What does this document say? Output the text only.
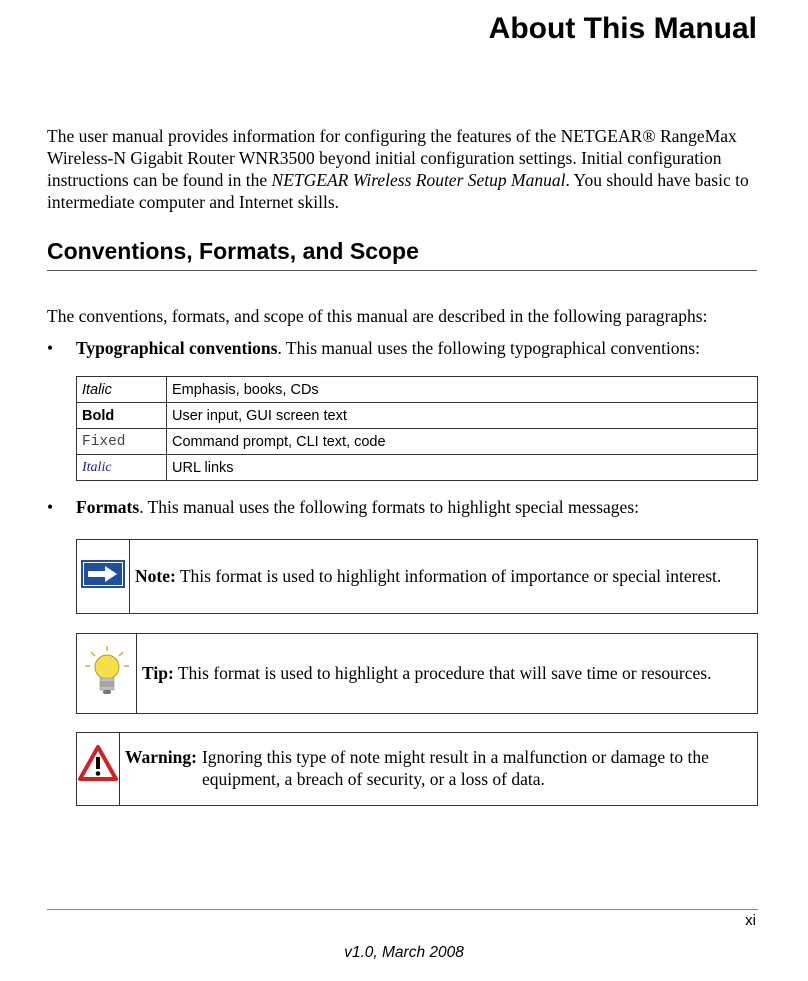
About This Manual
The user manual provides information for configuring the features of the NETGEAR® RangeMax Wireless-N Gigabit Router WNR3500 beyond initial configuration settings. Initial configuration instructions can be found in the NETGEAR Wireless Router Setup Manual. You should have basic to intermediate computer and Internet skills.
Conventions, Formats, and Scope
The conventions, formats, and scope of this manual are described in the following paragraphs:
• Typographical conventions. This manual uses the following typographical conventions:
Italic	Emphasis, books, CDs
Bold	User input, GUI screen text
Fixed	Command prompt, CLI text, code
Italic	URL links
• Formats. This manual uses the following formats to highlight special messages:
Note: This format is used to highlight information of importance or special interest.
Tip: This format is used to highlight a procedure that will save time or resources.
Warning: Ignoring this type of note might result in a malfunction or damage to the equipment, a breach of security, or a loss of data.
xi
v1.0, March 2008
